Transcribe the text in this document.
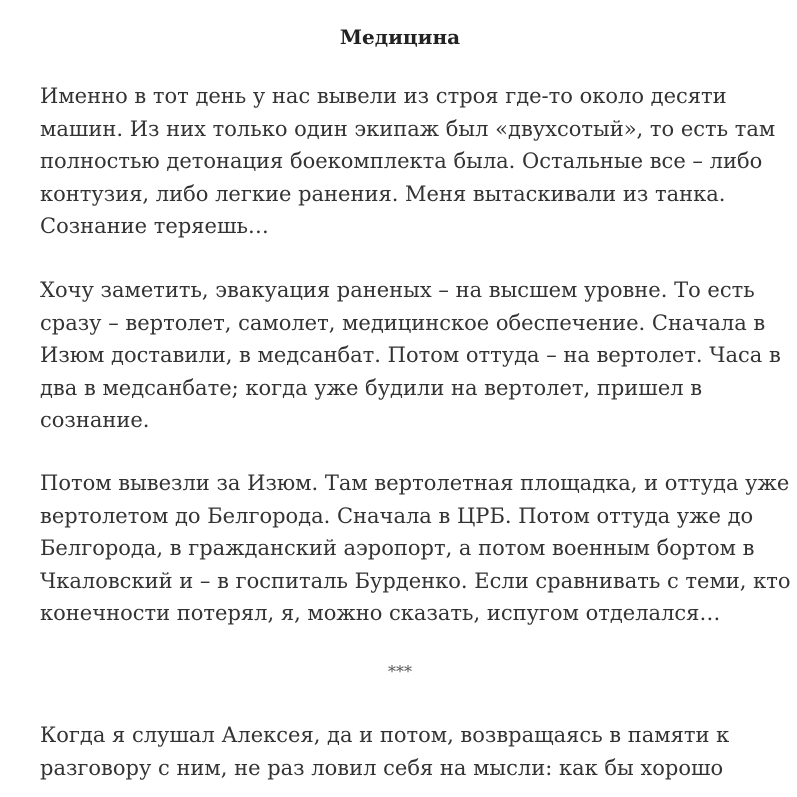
Медицина

Именно в тот день у нас вывели из строя где-то около десяти
машин. Из них только один экипаж был «двухсотый», то есть там
полностью детонация боекомплекта была. Остальные все – либо
контузия, либо легкие ранения. Меня вытаскивали из танка.
Сознание теряешь…

Хочу заметить, эвакуация раненых – на высшем уровне. То есть
сразу – вертолет, самолет, медицинское обеспечение. Сначала в
Изюм доставили, в медсанбат. Потом оттуда – на вертолет. Часа в
два в медсанбате; когда уже будили на вертолет, пришел в
сознание.

Потом вывезли за Изюм. Там вертолетная площадка, и оттуда уже
вертолетом до Белгорода. Сначала в ЦРБ. Потом оттуда уже до
Белгорода, в гражданский аэропорт, а потом военным бортом в
Чкаловский и – в госпиталь Бурденко. Если сравнивать с теми, кто
конечности потерял, я, можно сказать, испугом отделался…

***

Когда я слушал Алексея, да и потом, возвращаясь в памяти к
разговору с ним, не раз ловил себя на мысли: как бы хорошо
